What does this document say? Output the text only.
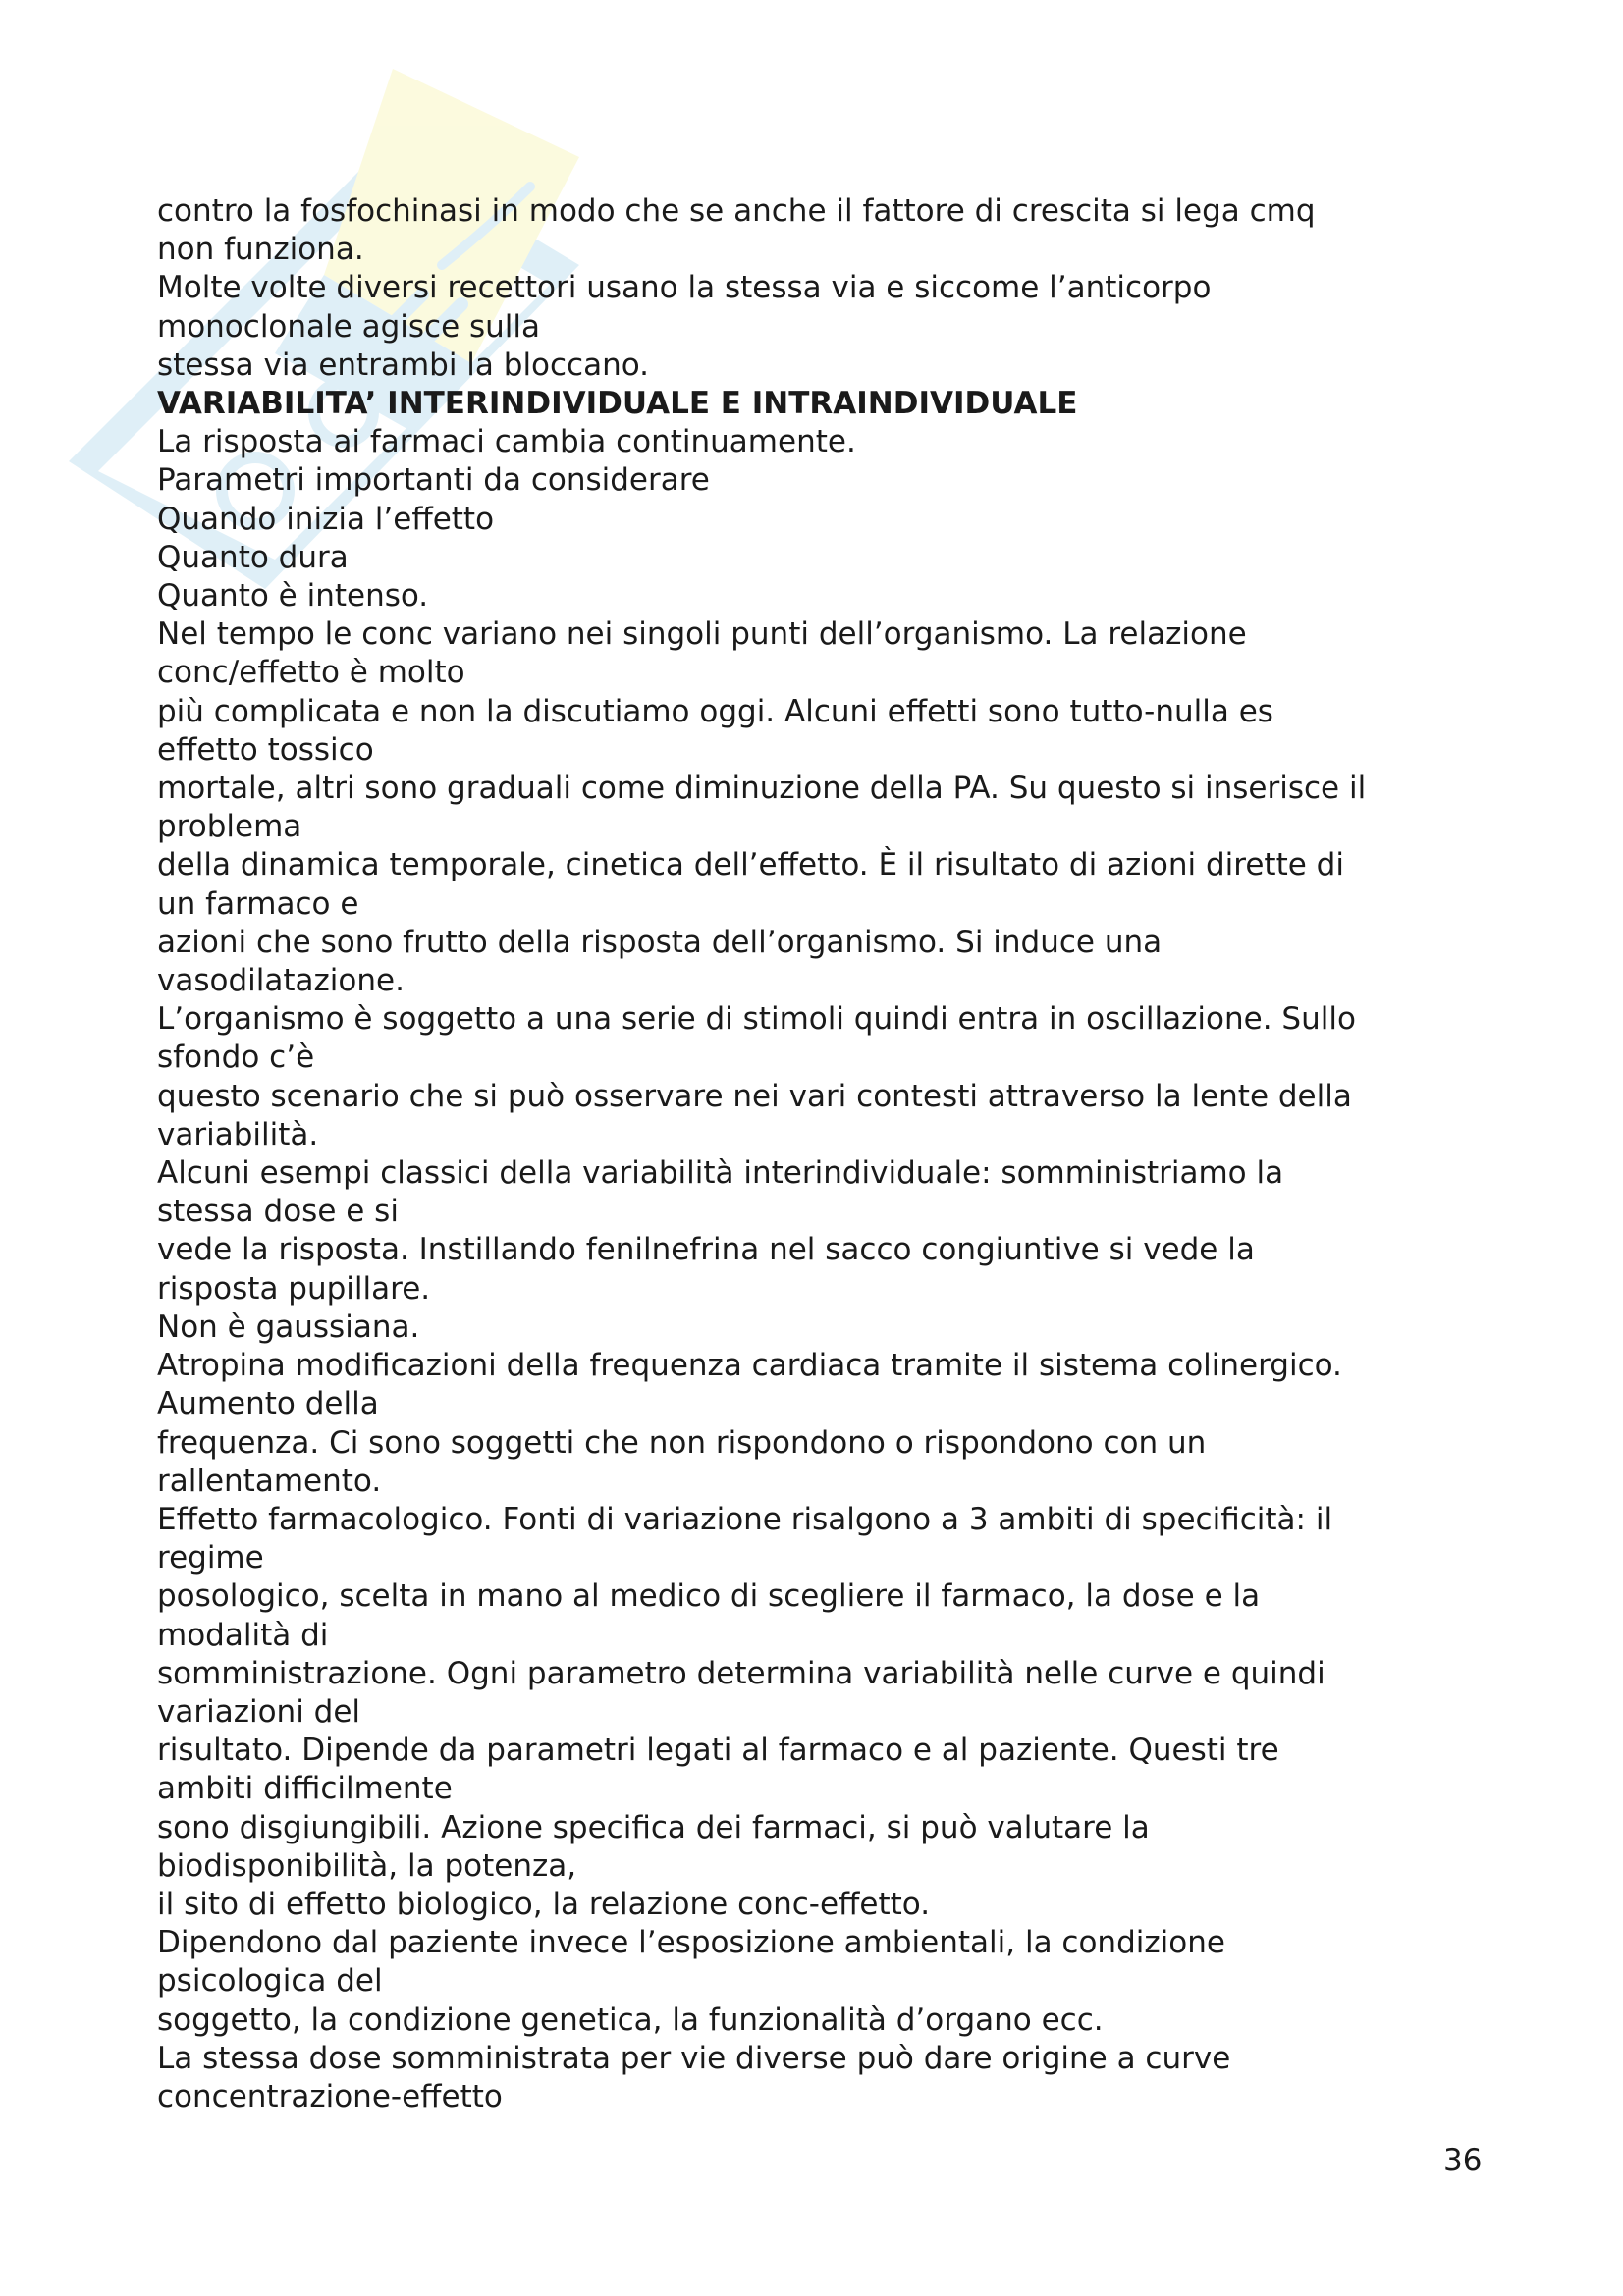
contro la fosfochinasi in modo che se anche il fattore di crescita si lega cmq
non funziona.
Molte volte diversi recettori usano la stessa via e siccome l’anticorpo
monoclonale agisce sulla
stessa via entrambi la bloccano.
VARIABILITA’ INTERINDIVIDUALE E INTRAINDIVIDUALE
La risposta ai farmaci cambia continuamente.
Parametri importanti da considerare
Quando inizia l’effetto
Quanto dura
Quanto è intenso.
Nel tempo le conc variano nei singoli punti dell’organismo. La relazione
conc/effetto è molto
più complicata e non la discutiamo oggi. Alcuni effetti sono tutto-nulla es
effetto tossico
mortale, altri sono graduali come diminuzione della PA. Su questo si inserisce il
problema
della dinamica temporale, cinetica dell’effetto. È il risultato di azioni dirette di
un farmaco e
azioni che sono frutto della risposta dell’organismo. Si induce una
vasodilatazione.
L’organismo è soggetto a una serie di stimoli quindi entra in oscillazione. Sullo
sfondo c’è
questo scenario che si può osservare nei vari contesti attraverso la lente della
variabilità.
Alcuni esempi classici della variabilità interindividuale: somministriamo la
stessa dose e si
vede la risposta. Instillando fenilnefrina nel sacco congiuntive si vede la
risposta pupillare.
Non è gaussiana.
Atropina modificazioni della frequenza cardiaca tramite il sistema colinergico.
Aumento della
frequenza. Ci sono soggetti che non rispondono o rispondono con un
rallentamento.
Effetto farmacologico. Fonti di variazione risalgono a 3 ambiti di specificità: il
regime
posologico, scelta in mano al medico di scegliere il farmaco, la dose e la
modalità di
somministrazione. Ogni parametro determina variabilità nelle curve e quindi
variazioni del
risultato. Dipende da parametri legati al farmaco e al paziente. Questi tre
ambiti difficilmente
sono disgiungibili. Azione specifica dei farmaci, si può valutare la
biodisponibilità, la potenza,
il sito di effetto biologico, la relazione conc-effetto.
Dipendono dal paziente invece l’esposizione ambientali, la condizione
psicologica del
soggetto, la condizione genetica, la funzionalità d’organo ecc.
La stessa dose somministrata per vie diverse può dare origine a curve
concentrazione-effetto
36
